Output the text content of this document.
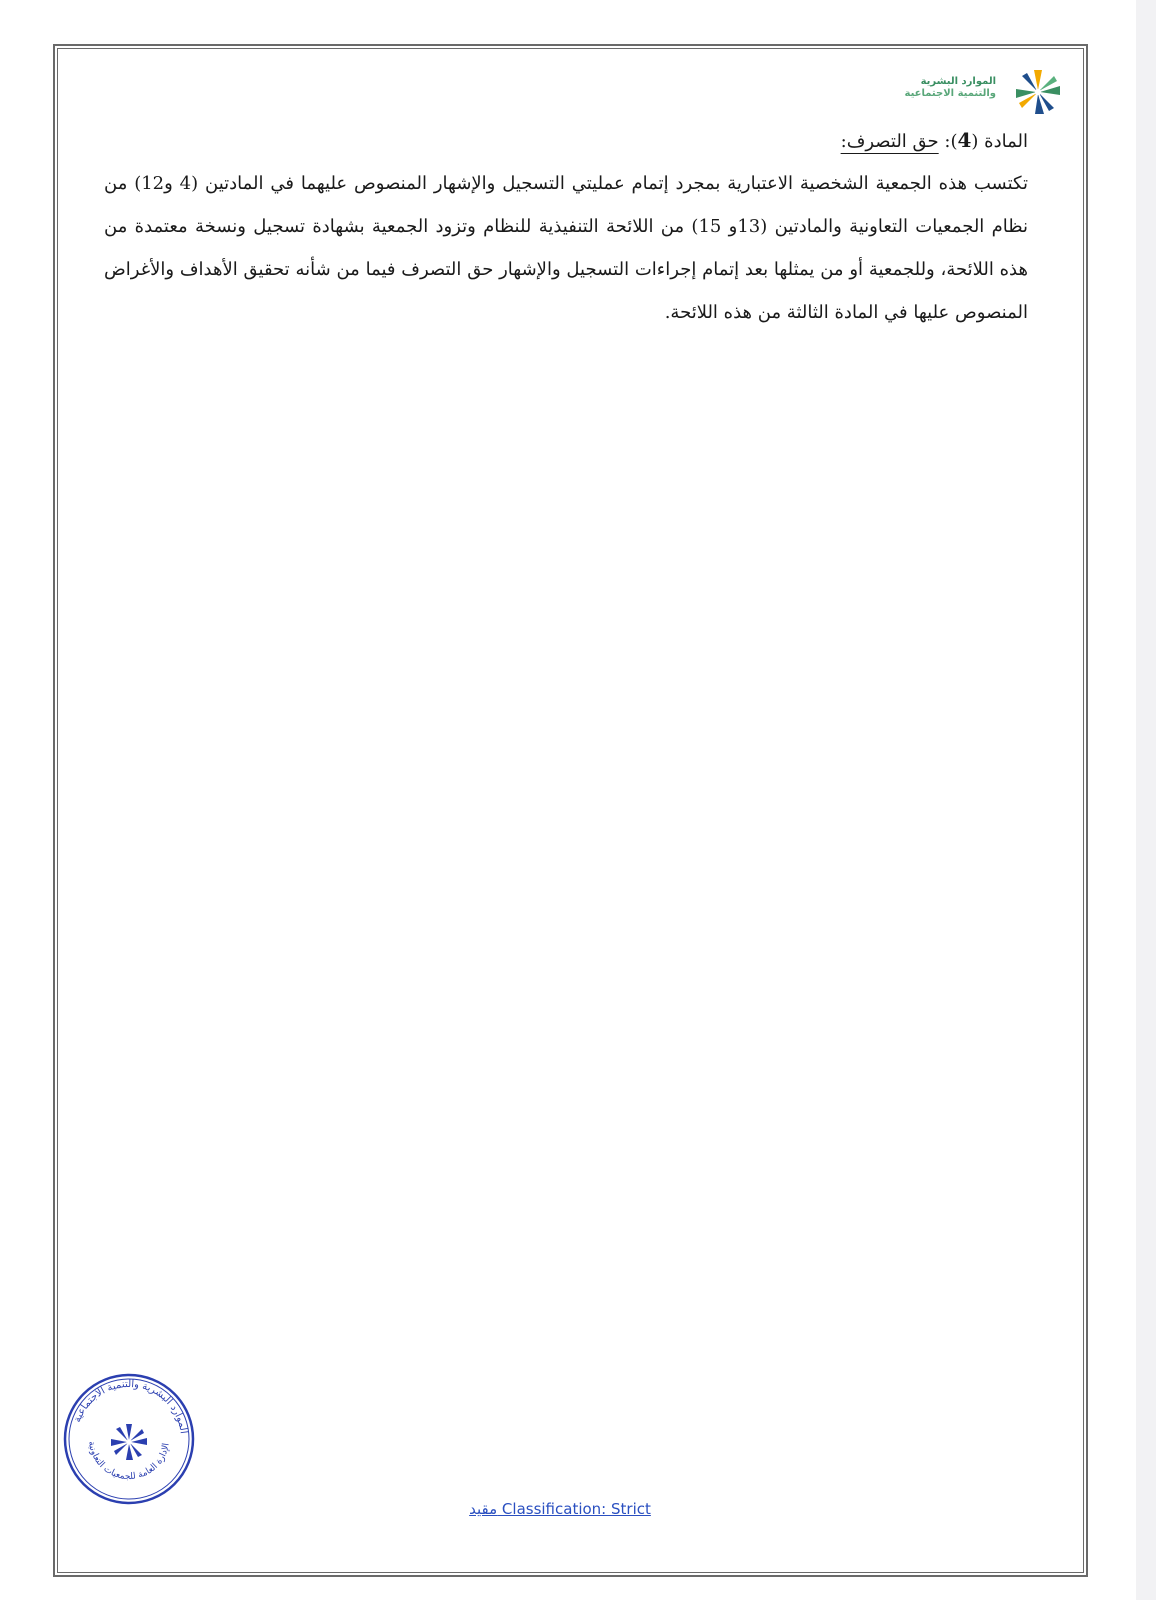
الموارد البشرية
والتنمية الاجتماعية

المادة (4): حق التصرف:

تكتسب هذه الجمعية الشخصية الاعتبارية بمجرد إتمام عمليتي التسجيل والإشهار المنصوص عليهما في المادتين (4 و12) من نظام الجمعيات التعاونية والمادتين (13و 15) من اللائحة التنفيذية للنظام وتزود الجمعية بشهادة تسجيل ونسخة معتمدة من هذه اللائحة، وللجمعية أو من يمثلها بعد إتمام إجراءات التسجيل والإشهار حق التصرف فيما من شأنه تحقيق الأهداف والأغراض المنصوص عليها في المادة الثالثة من هذه اللائحة.

الموارد البشرية والتنمية الاجتماعية
الإدارة العامة للجمعيات التعاونية
مقيد Classification: Strict
